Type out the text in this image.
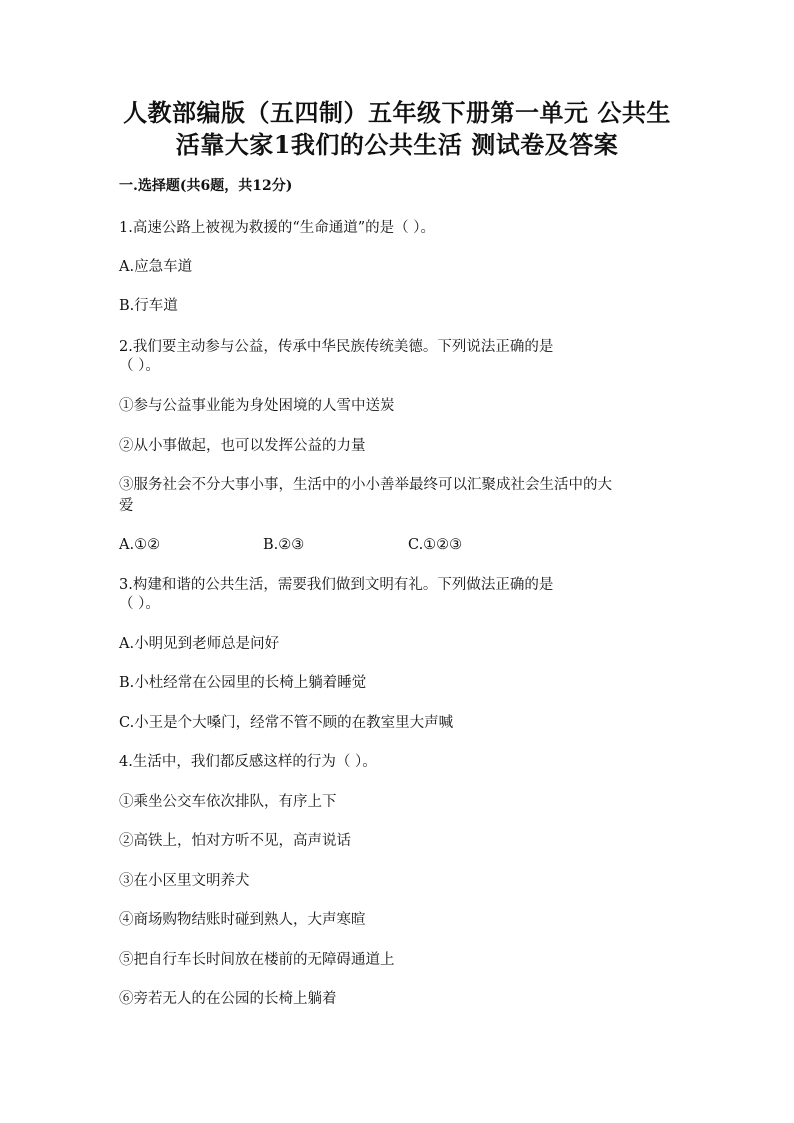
人教部编版（五四制）五年级下册第一单元 公共生
活靠大家1我们的公共生活 测试卷及答案

一.选择题(共6题，共12分)

1.高速公路上被视为救援的“生命通道”的是（ ）。

A.应急车道

B.行车道

2.我们要主动参与公益，传承中华民族传统美德。下列说法正确的是

（ ）。

①参与公益事业能为身处困境的人雪中送炭

②从小事做起，也可以发挥公益的力量

③服务社会不分大事小事，生活中的小小善举最终可以汇聚成社会生活中的大

爱

A.①②	B.②③	C.①②③

3.构建和谐的公共生活，需要我们做到文明有礼。下列做法正确的是

（ ）。

A.小明见到老师总是问好

B.小杜经常在公园里的长椅上躺着睡觉

C.小王是个大嗓门，经常不管不顾的在教室里大声喊

4.生活中，我们都反感这样的行为（ ）。

①乘坐公交车依次排队，有序上下

②高铁上，怕对方听不见，高声说话

③在小区里文明养犬

④商场购物结账时碰到熟人，大声寒暄

⑤把自行车长时间放在楼前的无障碍通道上

⑥旁若无人的在公园的长椅上躺着
